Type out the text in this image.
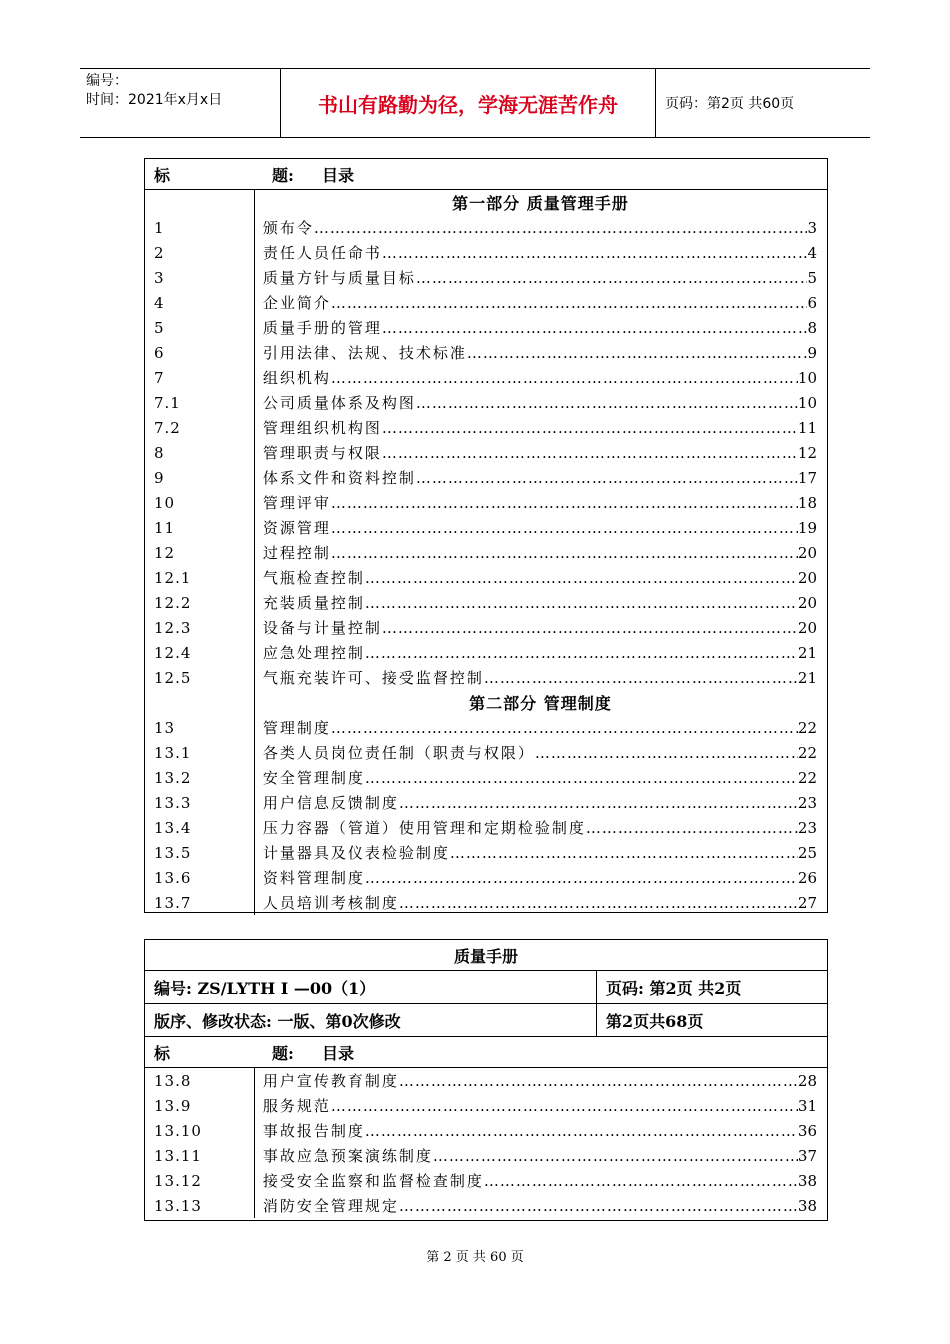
编号：
时间：2021年x月x日	书山有路勤为径，学海无涯苦作舟	页码：第2页 共60页
标	题:	目录
第一部分 质量管理手册
1	颁布令 ……………………………………………………………………………………………………………………………………	3
2	责任人员任命书 ……………………………………………………………………………………………………………………………………	4
3	质量方针与质量目标 ……………………………………………………………………………………………………………………………………	5
4	企业简介 ……………………………………………………………………………………………………………………………………	6
5	质量手册的管理 ……………………………………………………………………………………………………………………………………	8
6	引用法律、法规、技术标准 ……………………………………………………………………………………………………………………………………	9
7	组织机构 ……………………………………………………………………………………………………………………………………	10
7.1	公司质量体系及构图 ……………………………………………………………………………………………………………………………………	10
7.2	管理组织机构图 ……………………………………………………………………………………………………………………………………	11
8	管理职责与权限 ……………………………………………………………………………………………………………………………………	12
9	体系文件和资料控制 ……………………………………………………………………………………………………………………………………	17
10	管理评审 ……………………………………………………………………………………………………………………………………	18
11	资源管理 ……………………………………………………………………………………………………………………………………	19
12	过程控制 ……………………………………………………………………………………………………………………………………	20
12.1	气瓶检查控制 ……………………………………………………………………………………………………………………………………	20
12.2	充装质量控制 ……………………………………………………………………………………………………………………………………	20
12.3	设备与计量控制 ……………………………………………………………………………………………………………………………………	20
12.4	应急处理控制 ……………………………………………………………………………………………………………………………………	21
12.5	气瓶充装许可、接受监督控制 ……………………………………………………………………………………………………………………………………	21
第二部分 管理制度
13	管理制度 ……………………………………………………………………………………………………………………………………	22
13.1	各类人员岗位责任制（职责与权限） ……………………………………………………………………………………………………………………………………	22
13.2	安全管理制度 ……………………………………………………………………………………………………………………………………	22
13.3	用户信息反馈制度 ……………………………………………………………………………………………………………………………………	23
13.4	压力容器（管道）使用管理和定期检验制度 ……………………………………………………………………………………………………………………………………	23
13.5	计量器具及仪表检验制度 ……………………………………………………………………………………………………………………………………	25
13.6	资料管理制度 ……………………………………………………………………………………………………………………………………	26
13.7	人员培训考核制度 ……………………………………………………………………………………………………………………………………	27
质量手册
编号: ZS/LYTH I —00（1）	页码: 第2页 共2页
版序、修改状态: 一版、第0次修改	第2页共68页
标	题:	目录
13.8	用户宣传教育制度 ……………………………………………………………………………………………………………………………………	28
13.9	服务规范 ……………………………………………………………………………………………………………………………………	31
13.10	事故报告制度 ……………………………………………………………………………………………………………………………………	36
13.11	事故应急预案演练制度 ……………………………………………………………………………………………………………………………………	37
13.12	接受安全监察和监督检查制度 ……………………………………………………………………………………………………………………………………	38
13.13	消防安全管理规定 ……………………………………………………………………………………………………………………………………	38
第 2 页 共 60 页
